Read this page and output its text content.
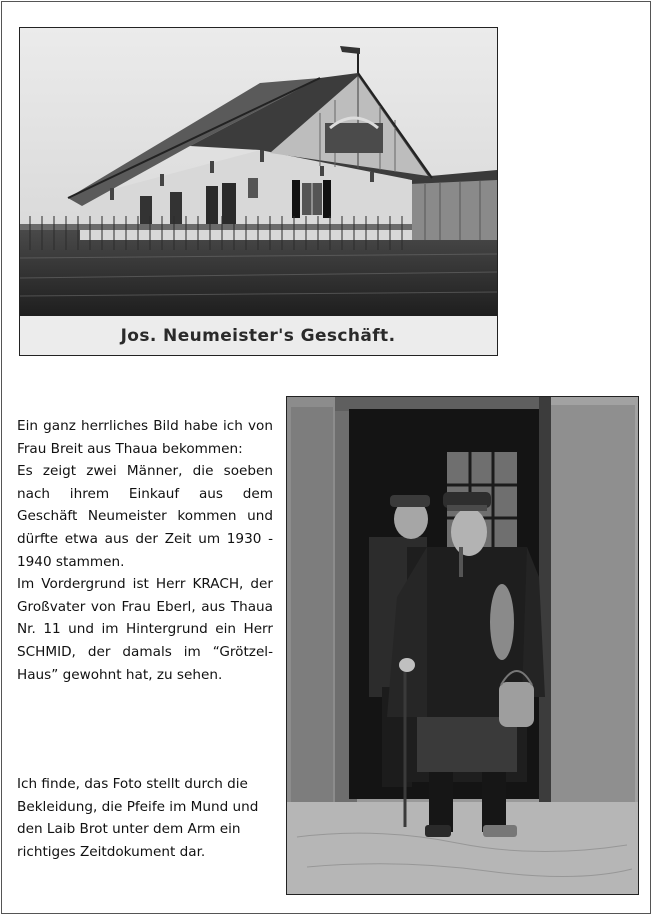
Jos. Neumeister's Geschäft.

Ein ganz herrliches Bild habe ich von Frau Breit aus Thaua bekommen:

Es zeigt zwei Männer, die soeben nach ihrem Einkauf aus dem Geschäft Neumeister kommen und dürfte etwa aus der Zeit um 1930 - 1940 stammen.

Im Vordergrund ist Herr KRACH, der Großvater von Frau Eberl, aus Thaua Nr. 11 und im Hintergrund ein Herr SCHMID, der damals im “Grötzel-Haus” gewohnt hat, zu sehen.

Ich finde, das Foto stellt durch die Bekleidung, die Pfeife im Mund und den Laib Brot unter dem Arm ein richtiges Zeitdokument dar.
